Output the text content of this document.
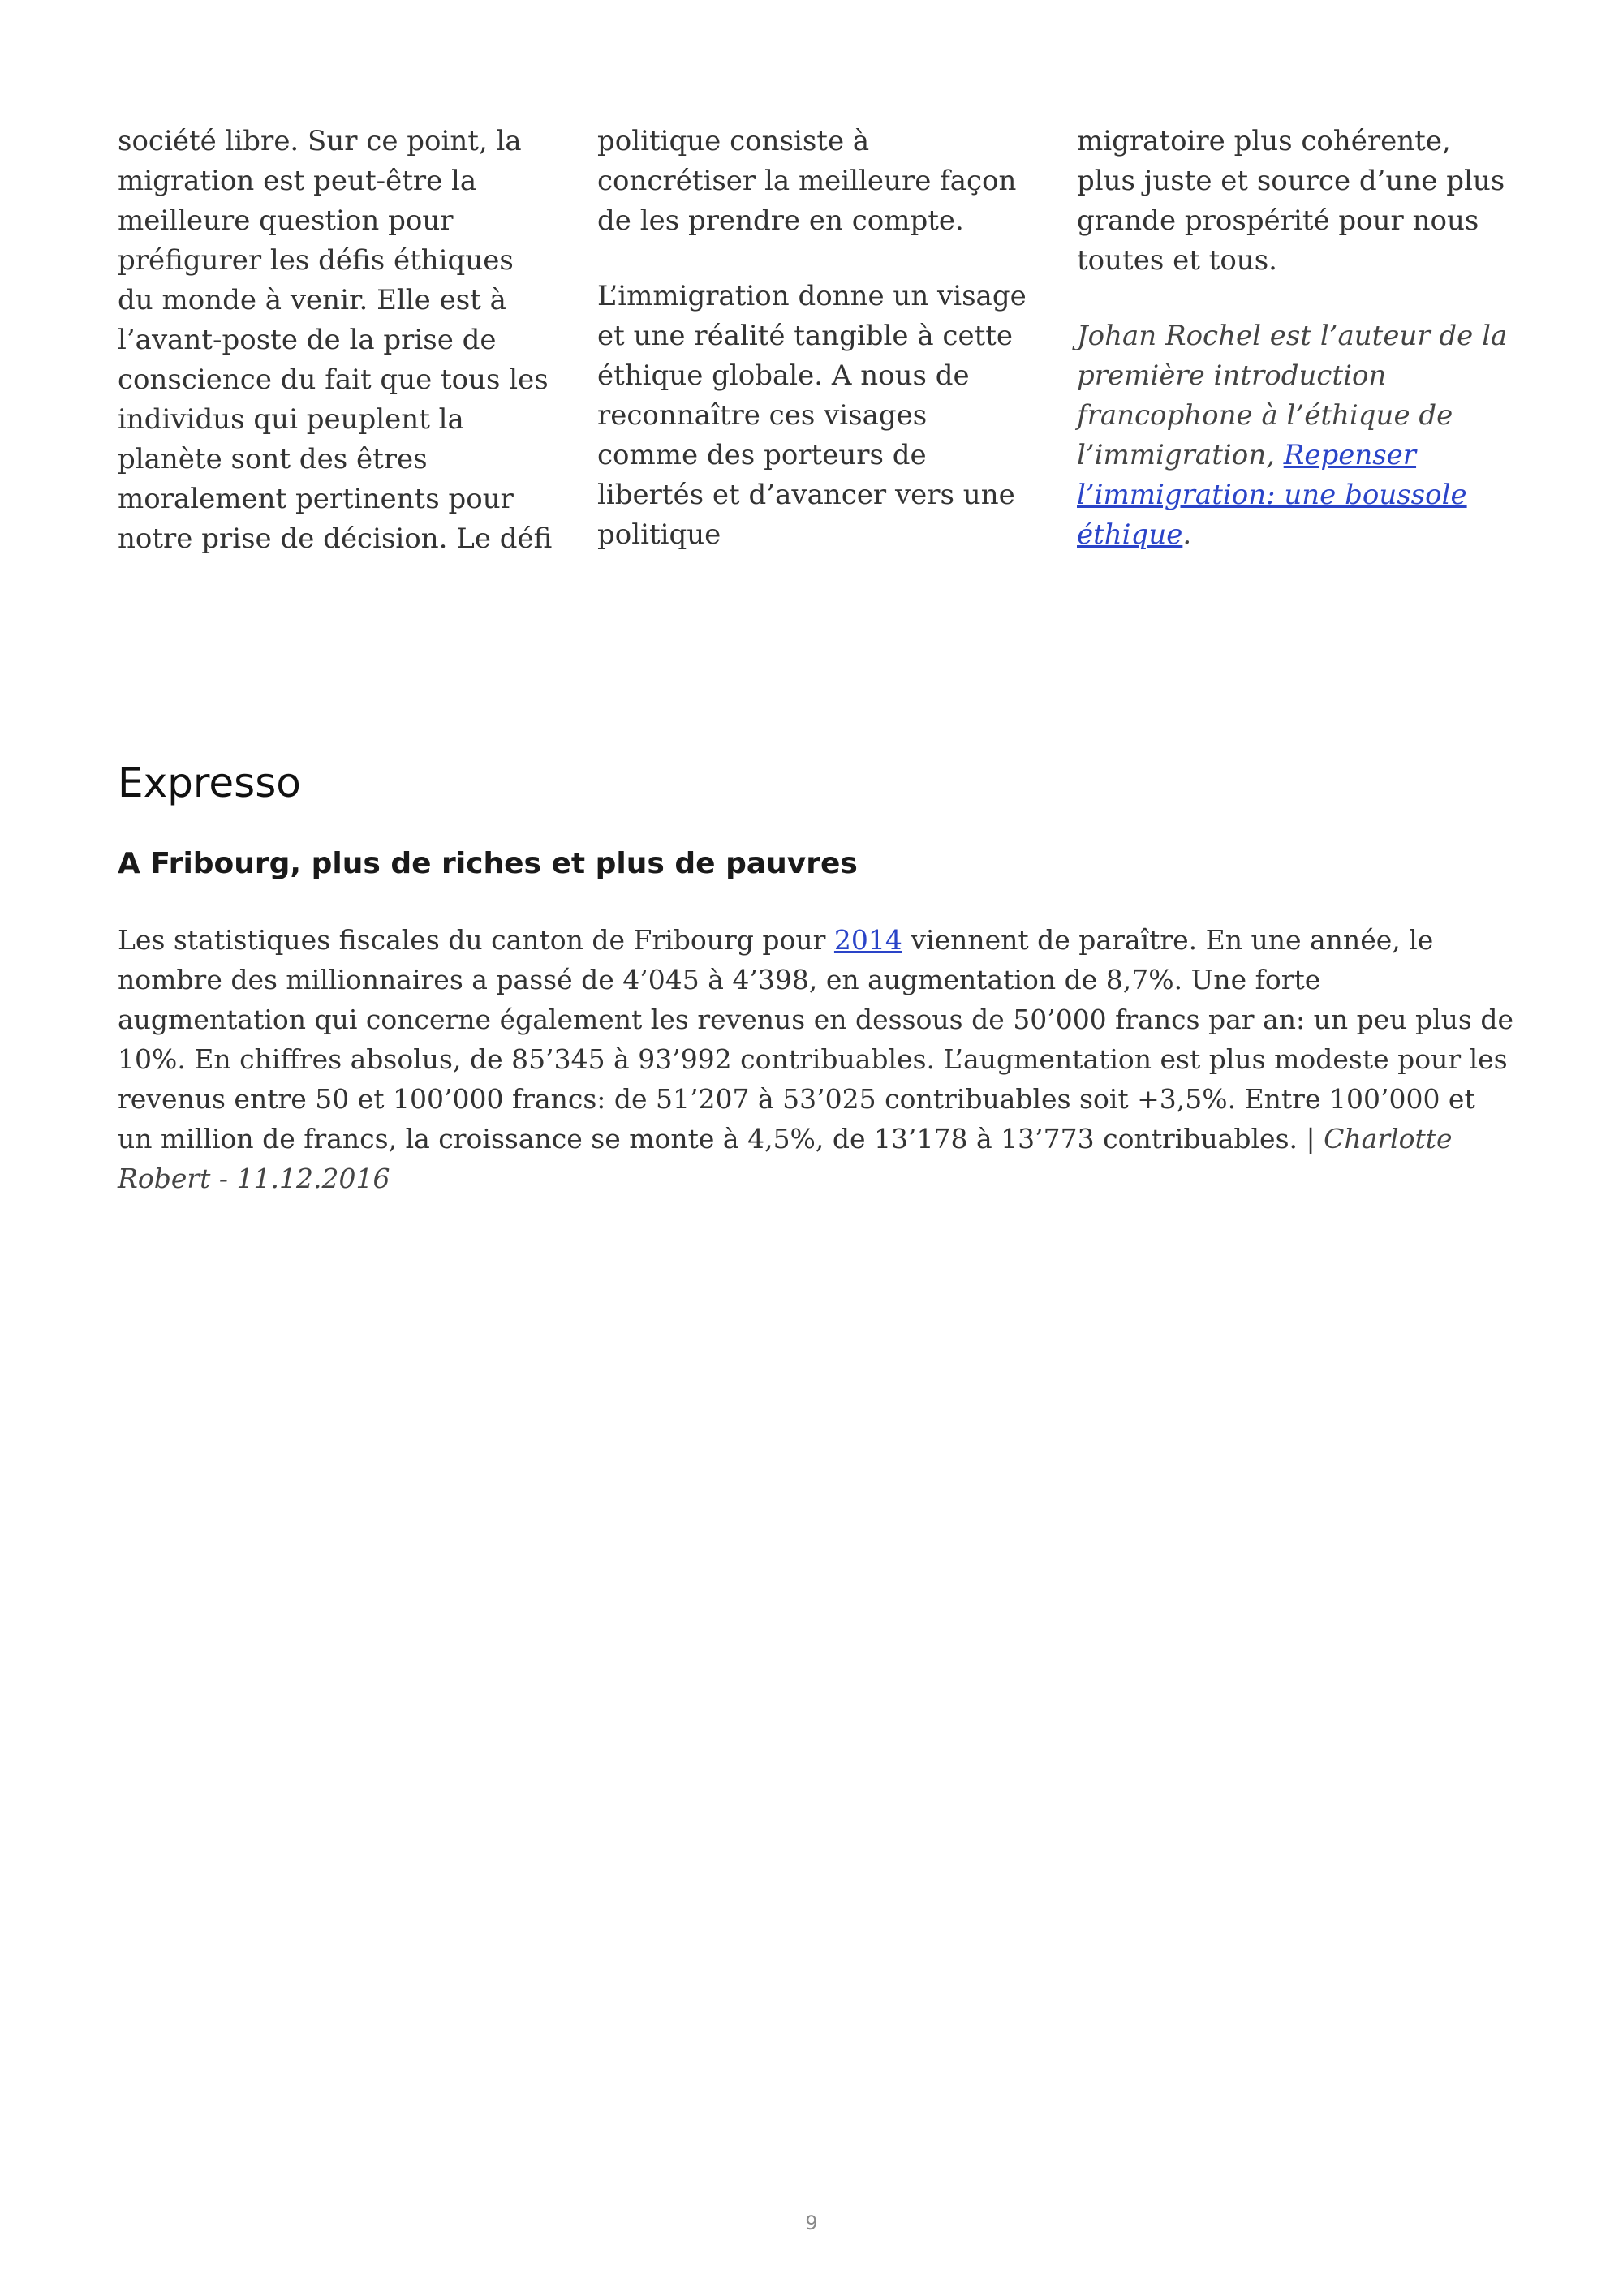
société libre. Sur ce point, la migration est peut-être la meilleure question pour préfigurer les défis éthiques du monde à venir. Elle est à l’avant-poste de la prise de conscience du fait que tous les individus qui peuplent la planète sont des êtres moralement pertinents pour notre prise de décision. Le défi

politique consiste à concrétiser la meilleure façon de les prendre en compte.

L’immigration donne un visage et une réalité tangible à cette éthique globale. A nous de reconnaître ces visages comme des porteurs de libertés et d’avancer vers une politique

migratoire plus cohérente, plus juste et source d’une plus grande prospérité pour nous toutes et tous.

Johan Rochel est l’auteur de la première introduction francophone à l’éthique de l’immigration, Repenser l’immigration: une boussole éthique.

Expresso
A Fribourg, plus de riches et plus de pauvres

Les statistiques fiscales du canton de Fribourg pour 2014 viennent de paraître. En une année, le nombre des millionnaires a passé de 4’045 à 4’398, en augmentation de 8,7%. Une forte augmentation qui concerne également les revenus en dessous de 50’000 francs par an: un peu plus de 10%. En chiffres absolus, de 85’345 à 93’992 contribuables. L’augmentation est plus modeste pour les revenus entre 50 et 100’000 francs: de 51’207 à 53’025 contribuables soit +3,5%. Entre 100’000 et un million de francs, la croissance se monte à 4,5%, de 13’178 à 13’773 contribuables. | Charlotte Robert - 11.12.2016

9
